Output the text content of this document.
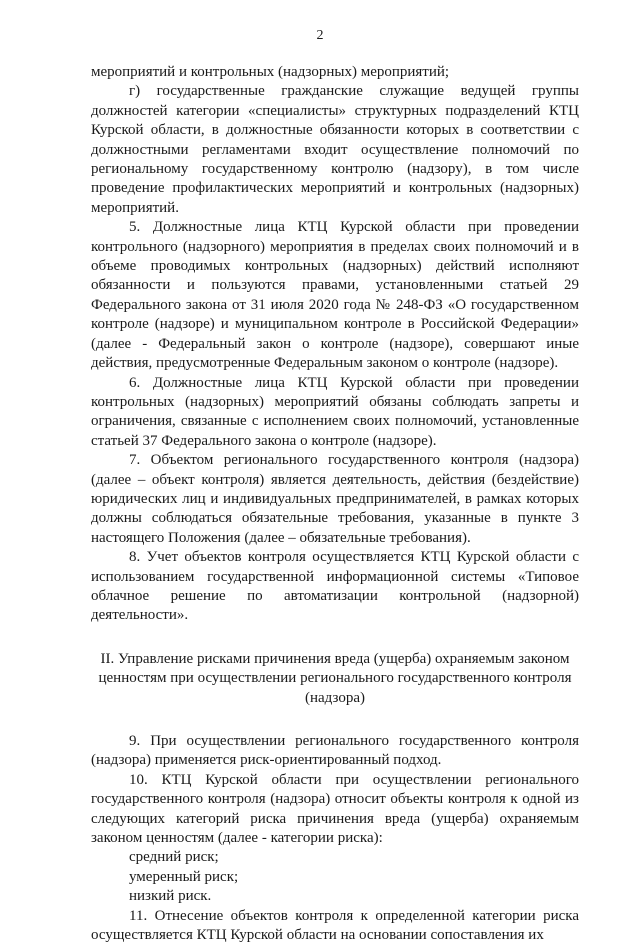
2

мероприятий и контрольных (надзорных) мероприятий;

г) государственные гражданские служащие ведущей группы должностей категории «специалисты» структурных подразделений КТЦ Курской области, в должностные обязанности которых в соответствии с должностными регламентами входит осуществление полномочий по региональному государственному контролю (надзору), в том числе проведение профилактических мероприятий и контрольных (надзорных) мероприятий.

5. Должностные лица КТЦ Курской области при проведении контрольного (надзорного) мероприятия в пределах своих полномочий и в объеме проводимых контрольных (надзорных) действий исполняют обязанности и пользуются правами, установленными статьей 29 Федерального закона от 31 июля 2020 года № 248-ФЗ «О государственном контроле (надзоре) и муниципальном контроле в Российской Федерации» (далее - Федеральный закон о контроле (надзоре), совершают иные действия, предусмотренные Федеральным законом о контроле (надзоре).

6. Должностные лица КТЦ Курской области при проведении контрольных (надзорных) мероприятий обязаны соблюдать запреты и ограничения, связанные с исполнением своих полномочий, установленные статьей 37 Федерального закона о контроле (надзоре).

7. Объектом регионального государственного контроля (надзора) (далее – объект контроля) является деятельность, действия (бездействие) юридических лиц и индивидуальных предпринимателей, в рамках которых должны соблюдаться обязательные требования, указанные в пункте 3 настоящего Положения (далее – обязательные требования).

8. Учет объектов контроля осуществляется КТЦ Курской области с использованием государственной информационной системы «Типовое облачное решение по автоматизации контрольной (надзорной) деятельности».

II. Управление рисками причинения вреда (ущерба) охраняемым законом ценностям при осуществлении регионального государственного контроля (надзора)

9. При осуществлении регионального государственного контроля (надзора) применяется риск-ориентированный подход.

10. КТЦ Курской области при осуществлении регионального государственного контроля (надзора) относит объекты контроля к одной из следующих категорий риска причинения вреда (ущерба) охраняемым законом ценностям (далее - категории риска):

средний риск;

умеренный риск;

низкий риск.

11. Отнесение объектов контроля к определенной категории риска осуществляется КТЦ Курской области на основании сопоставления их
